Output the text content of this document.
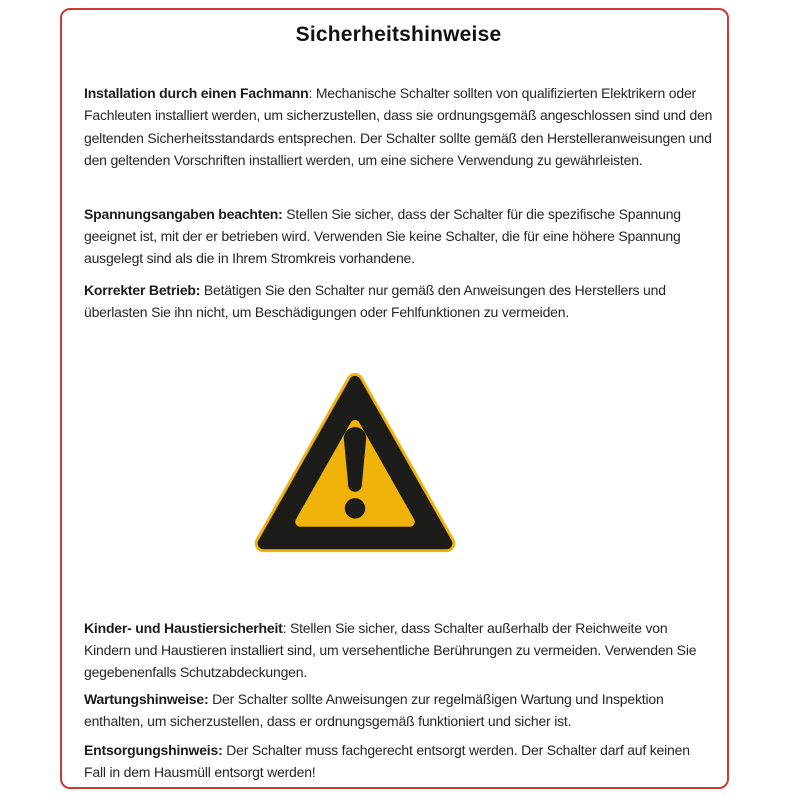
Sicherheitshinweise

Installation durch einen Fachmann: Mechanische Schalter sollten von qualifizierten Elektrikern oder Fachleuten installiert werden, um sicherzustellen, dass sie ordnungsgemäß angeschlossen sind und den geltenden Sicherheitsstandards entsprechen. Der Schalter sollte gemäß den Herstelleranweisungen und den geltenden Vorschriften installiert werden, um eine sichere Verwendung zu gewährleisten.

Spannungsangaben beachten: Stellen Sie sicher, dass der Schalter für die spezifische Spannung geeignet ist, mit der er betrieben wird. Verwenden Sie keine Schalter, die für eine höhere Spannung ausgelegt sind als die in Ihrem Stromkreis vorhandene.

Korrekter Betrieb: Betätigen Sie den Schalter nur gemäß den Anweisungen des Herstellers und überlasten Sie ihn nicht, um Beschädigungen oder Fehlfunktionen zu vermeiden.

Kinder- und Haustiersicherheit: Stellen Sie sicher, dass Schalter außerhalb der Reichweite von Kindern und Haustieren installiert sind, um versehentliche Berührungen zu vermeiden. Verwenden Sie gegebenenfalls Schutzabdeckungen.

Wartungshinweise: Der Schalter sollte Anweisungen zur regelmäßigen Wartung und Inspektion enthalten, um sicherzustellen, dass er ordnungsgemäß funktioniert und sicher ist.

Entsorgungshinweis: Der Schalter muss fachgerecht entsorgt werden. Der Schalter darf auf keinen Fall in dem Hausmüll entsorgt werden!
